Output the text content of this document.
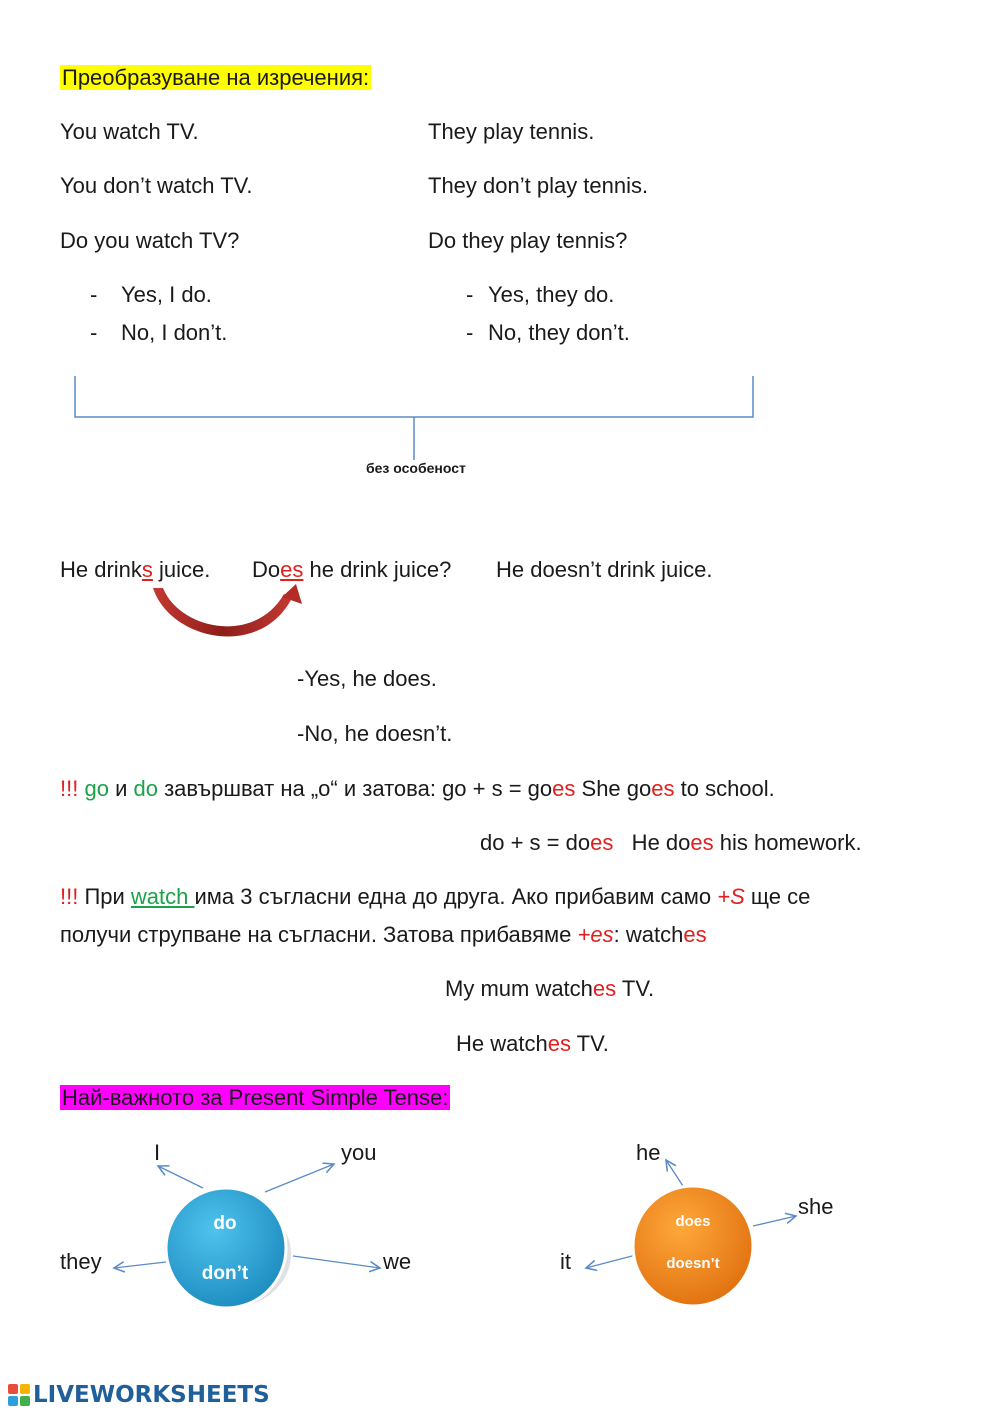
Преобразуване на изречения:
You watch TV.
You don’t watch TV.
Do you watch TV?
- Yes, I do.
- No, I don’t.
They play tennis.
They don’t play tennis.
Do they play tennis?
- Yes, they do.
- No, they don’t.
без особеност
He drinks juice. Does he drink juice? He doesn’t drink juice.
-Yes, he does.
-No, he doesn’t.
!!! go и do завършват на „о“ и затова: go + s = goes She goes to school.
do + s = does   He does his homework.
!!! При watch има 3 съгласни една до друга. Ако прибавим само +S ще се
получи струпване на съгласни. Затова прибавяме +es: watches
My mum watches TV.
He watches TV.
Най-важното за Present Simple Tense:
I	you
they	we
do
don’t
he
she
it
does
doesn’t
LIVEWORKSHEETS
